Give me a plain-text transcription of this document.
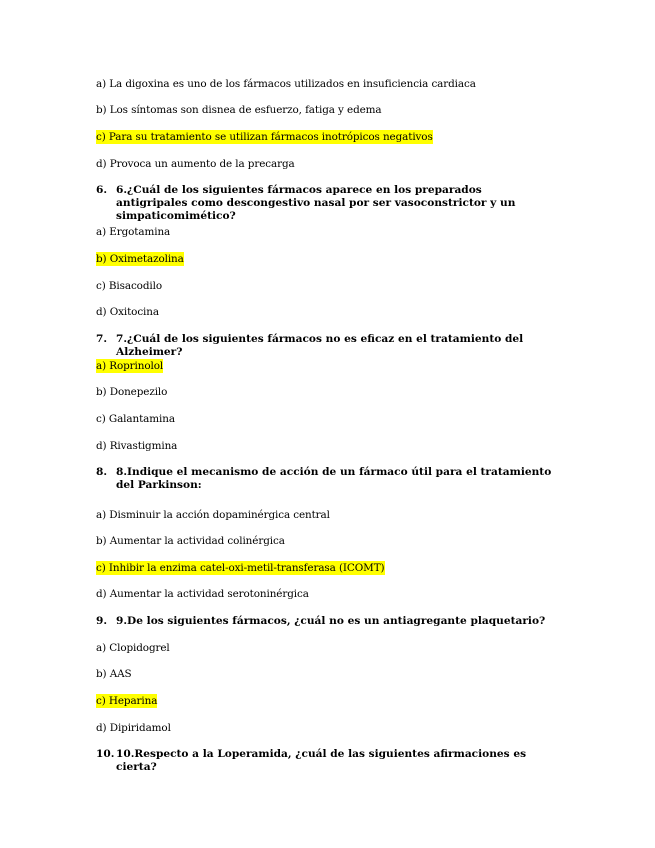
a) La digoxina es uno de los fármacos utilizados en insuficiencia cardiaca
b) Los síntomas son disnea de esfuerzo, fatiga y edema
c) Para su tratamiento se utilizan fármacos inotrópicos negativos
d) Provoca un aumento de la precarga
6. 6.¿Cuál de los siguientes fármacos aparece en los preparados antigripales como descongestivo nasal por ser vasoconstrictor y un simpaticomimético?
a) Ergotamina
b) Oximetazolina
c) Bisacodilo
d) Oxitocina
7. 7.¿Cuál de los siguientes fármacos no es eficaz en el tratamiento del Alzheimer?
a) Roprinolol
b) Donepezilo
c) Galantamina
d) Rivastigmina
8. 8.Indique el mecanismo de acción de un fármaco útil para el tratamiento del Parkinson:
a) Disminuir la acción dopaminérgica central
b) Aumentar la actividad colinérgica
c) Inhibir la enzima catel-oxi-metil-transferasa (ICOMT)
d) Aumentar la actividad serotoninérgica
9. 9.De los siguientes fármacos, ¿cuál no es un antiagregante plaquetario?
a) Clopidogrel
b) AAS
c) Heparina
d) Dipiridamol
10. 10.Respecto a la Loperamida, ¿cuál de las siguientes afirmaciones es cierta?
